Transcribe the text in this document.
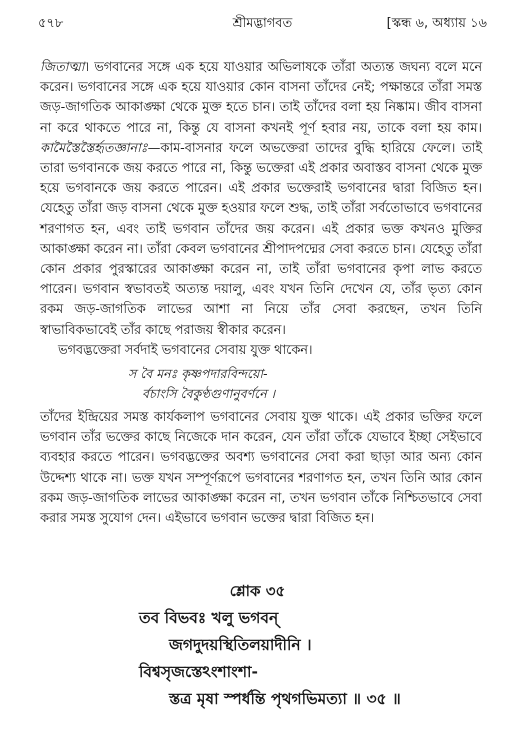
৫৭৮	শ্রীমদ্ভাগবত	[স্কন্ধ ৬, অধ্যায় ১৬

জিতাত্মা। ভগবানের সঙ্গে এক হয়ে যাওয়ার অভিলাষকে তাঁরা অত্যন্ত জঘন্য বলে মনে করেন। ভগবানের সঙ্গে এক হয়ে যাওয়ার কোন বাসনা তাঁদের নেই; পক্ষান্তরে তাঁরা সমস্ত জড়-জাগতিক আকাঙ্ক্ষা থেকে মুক্ত হতে চান। তাই তাঁদের বলা হয় নিষ্কাম। জীব বাসনা না করে থাকতে পারে না, কিন্তু যে বাসনা কখনই পূর্ণ হবার নয়, তাকে বলা হয় কাম। কামৈস্তৈস্তৈর্হৃতজ্ঞানাঃ—কাম-বাসনার ফলে অভক্তেরা তাদের বুদ্ধি হারিয়ে ফেলে। তাই তারা ভগবানকে জয় করতে পারে না, কিন্তু ভক্তেরা এই প্রকার অবাস্তব বাসনা থেকে মুক্ত হয়ে ভগবানকে জয় করতে পারেন। এই প্রকার ভক্তেরাই ভগবানের দ্বারা বিজিত হন। যেহেতু তাঁরা জড় বাসনা থেকে মুক্ত হওয়ার ফলে শুদ্ধ, তাই তাঁরা সর্বতোভাবে ভগবানের শরণাগত হন, এবং তাই ভগবান তাঁদের জয় করেন। এই প্রকার ভক্ত কখনও মুক্তির আকাঙ্ক্ষা করেন না। তাঁরা কেবল ভগবানের শ্রীপাদপদ্মের সেবা করতে চান। যেহেতু তাঁরা কোন প্রকার পুরস্কারের আকাঙ্ক্ষা করেন না, তাই তাঁরা ভগবানের কৃপা লাভ করতে পারেন। ভগবান স্বভাবতই অত্যন্ত দয়ালু, এবং যখন তিনি দেখেন যে, তাঁর ভৃত্য কোন রকম জড়-জাগতিক লাভের আশা না নিয়ে তাঁর সেবা করছেন, তখন তিনি স্বাভাবিকভাবেই তাঁর কাছে পরাজয় স্বীকার করেন।

ভগবদ্ভক্তেরা সর্বদাই ভগবানের সেবায় যুক্ত থাকেন।

স বৈ মনঃ কৃষ্ণপদারবিন্দয়ো-
র্বচাংসি বৈকুণ্ঠগুণানুবর্ণনে ।

তাঁদের ইন্দ্রিয়ের সমস্ত কার্যকলাপ ভগবানের সেবায় যুক্ত থাকে। এই প্রকার ভক্তির ফলে ভগবান তাঁর ভক্তের কাছে নিজেকে দান করেন, যেন তাঁরা তাঁকে যেভাবে ইচ্ছা সেইভাবে ব্যবহার করতে পারেন। ভগবদ্ভক্তের অবশ্য ভগবানের সেবা করা ছাড়া আর অন্য কোন উদ্দেশ্য থাকে না। ভক্ত যখন সম্পূর্ণরূপে ভগবানের শরণাগত হন, তখন তিনি আর কোন রকম জড়-জাগতিক লাভের আকাঙ্ক্ষা করেন না, তখন ভগবান তাঁকে নিশ্চিতভাবে সেবা করার সমস্ত সুযোগ দেন। এইভাবে ভগবান ভক্তের দ্বারা বিজিত হন।

শ্লোক ৩৫
তব বিভবঃ খলু ভগবন্
জগদুদয়স্থিতিলয়াদীনি ।
বিশ্বসৃজস্তেঽংশাংশা-
স্তত্র মৃষা স্পর্ধন্তি পৃথগভিমত্যা ॥ ৩৫ ॥
